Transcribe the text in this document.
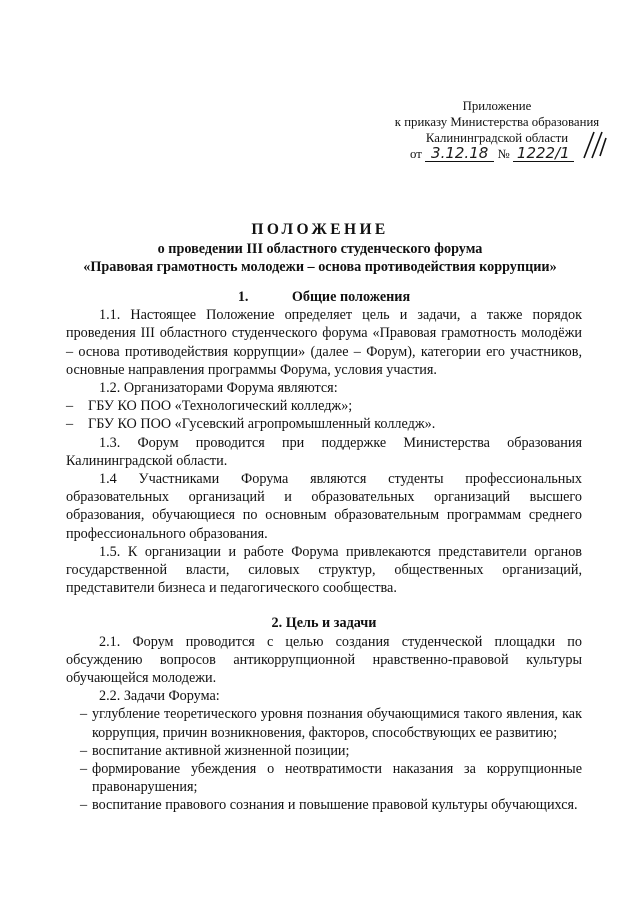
Приложение
к приказу Министерства образования
Калининградской области
от 3.12.18 № 1222/1
ПОЛОЖЕНИЕ
о проведении III областного студенческого форума
«Правовая грамотность молодежи – основа противодействия коррупции»
1.	Общие положения

1.1. Настоящее Положение определяет цель и задачи, а также порядок проведения III областного студенческого форума «Правовая грамотность молодёжи – основа противодействия коррупции» (далее – Форум), категории его участников, основные направления программы Форума, условия участия.

1.2. Организаторами Форума являются:

– ГБУ КО ПОО «Технологический колледж»;
– ГБУ КО ПОО «Гусевский агропромышленный колледж».

1.3. Форум проводится при поддержке Министерства образования Калининградской области.

1.4 Участниками Форума являются студенты профессиональных образовательных организаций и образовательных организаций высшего образования, обучающиеся по основным образовательным программам среднего профессионального образования.

1.5. К организации и работе Форума привлекаются представители органов государственной власти, силовых структур, общественных организаций, представители бизнеса и педагогического сообщества.

2. Цель и задачи

2.1. Форум проводится с целью создания студенческой площадки по обсуждению вопросов антикоррупционной нравственно-правовой культуры обучающейся молодежи.

2.2. Задачи Форума:

– углубление теоретического уровня познания обучающимися такого явления, как коррупция, причин возникновения, факторов, способствующих ее развитию;
– воспитание активной жизненной позиции;
– формирование убеждения о неотвратимости наказания за коррупционные правонарушения;
– воспитание правового сознания и повышение правовой культуры обучающихся.
